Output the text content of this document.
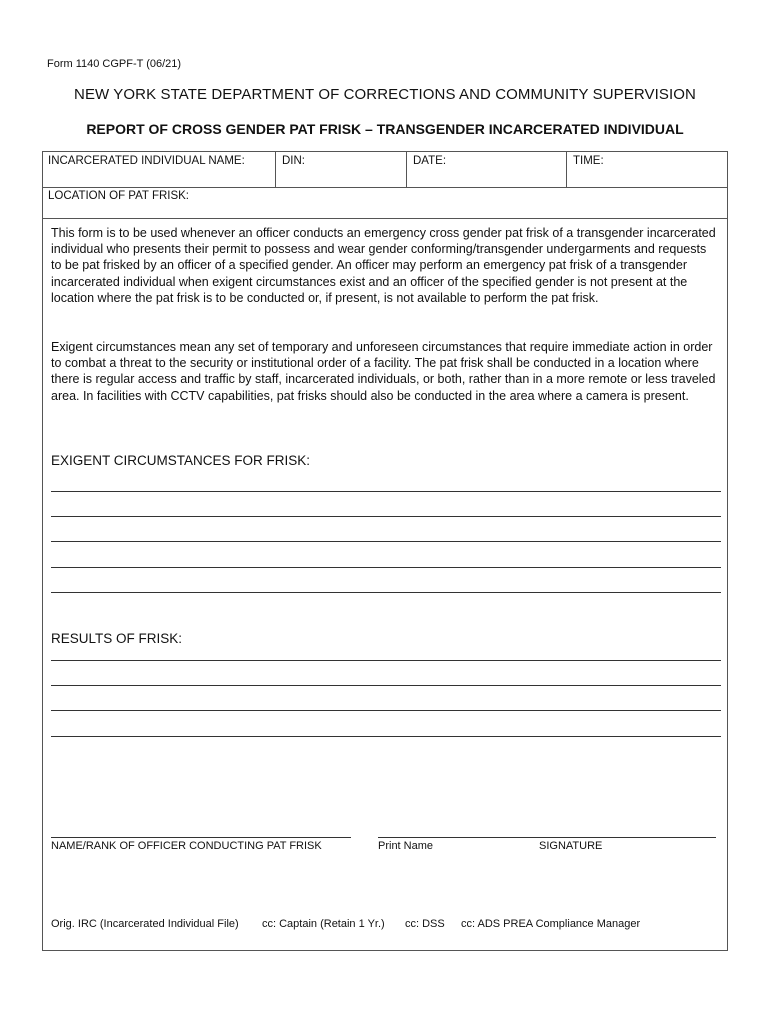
Form 1140 CGPF-T (06/21)
NEW YORK STATE DEPARTMENT OF CORRECTIONS AND COMMUNITY SUPERVISION
REPORT OF CROSS GENDER PAT FRISK – TRANSGENDER INCARCERATED INDIVIDUAL
INCARCERATED INDIVIDUAL NAME:	DIN:	DATE:	TIME:
LOCATION OF PAT FRISK:
This form is to be used whenever an officer conducts an emergency cross gender pat frisk of a transgender incarcerated individual who presents their permit to possess and wear gender conforming/transgender undergarments and requests to be pat frisked by an officer of a specified gender. An officer may perform an emergency pat frisk of a transgender incarcerated individual when exigent circumstances exist and an officer of the specified gender is not present at the location where the pat frisk is to be conducted or, if present, is not available to perform the pat frisk.
Exigent circumstances mean any set of temporary and unforeseen circumstances that require immediate action in order to combat a threat to the security or institutional order of a facility. The pat frisk shall be conducted in a location where there is regular access and traffic by staff, incarcerated individuals, or both, rather than in a more remote or less traveled area. In facilities with CCTV capabilities, pat frisks should also be conducted in the area where a camera is present.
EXIGENT CIRCUMSTANCES FOR FRISK:
RESULTS OF FRISK:
NAME/RANK OF OFFICER CONDUCTING PAT FRISK	Print Name	SIGNATURE
Orig. IRC (Incarcerated Individual File) cc: Captain (Retain 1 Yr.) cc: DSS cc: ADS PREA Compliance Manager
